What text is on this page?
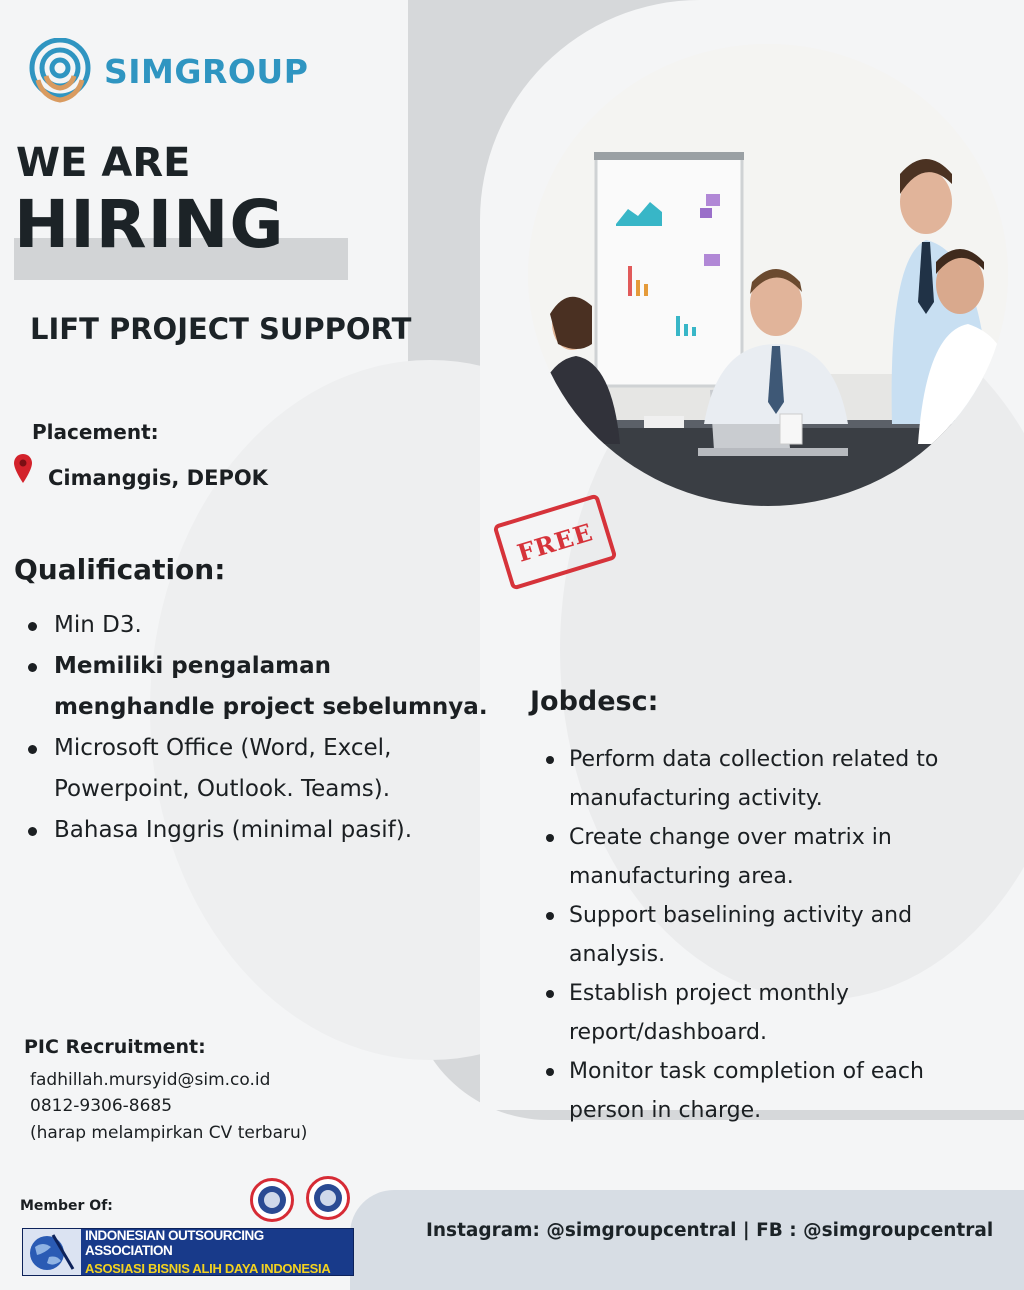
SIMGROUP
WE ARE
HIRING
LIFT PROJECT SUPPORT
Placement:
Cimanggis, DEPOK
FREE
Qualification:
Min D3.
Memiliki pengalaman menghandle project sebelumnya.
Microsoft Office (Word, Excel, Powerpoint, Outlook. Teams).
Bahasa Inggris (minimal pasif).
Jobdesc:
Perform data collection related to manufacturing activity.
Create change over matrix in manufacturing area.
Support baselining activity and analysis.
Establish project monthly report/dashboard.
Monitor task completion of each person in charge.
PIC Recruitment:
fadhillah.mursyid@sim.co.id
0812-9306-8685
(harap melampirkan CV terbaru)
Member Of:
INDONESIAN OUTSOURCING ASSOCIATION
ASOSIASI BISNIS ALIH DAYA INDONESIA
Instagram: @simgroupcentral | FB : @simgroupcentral
